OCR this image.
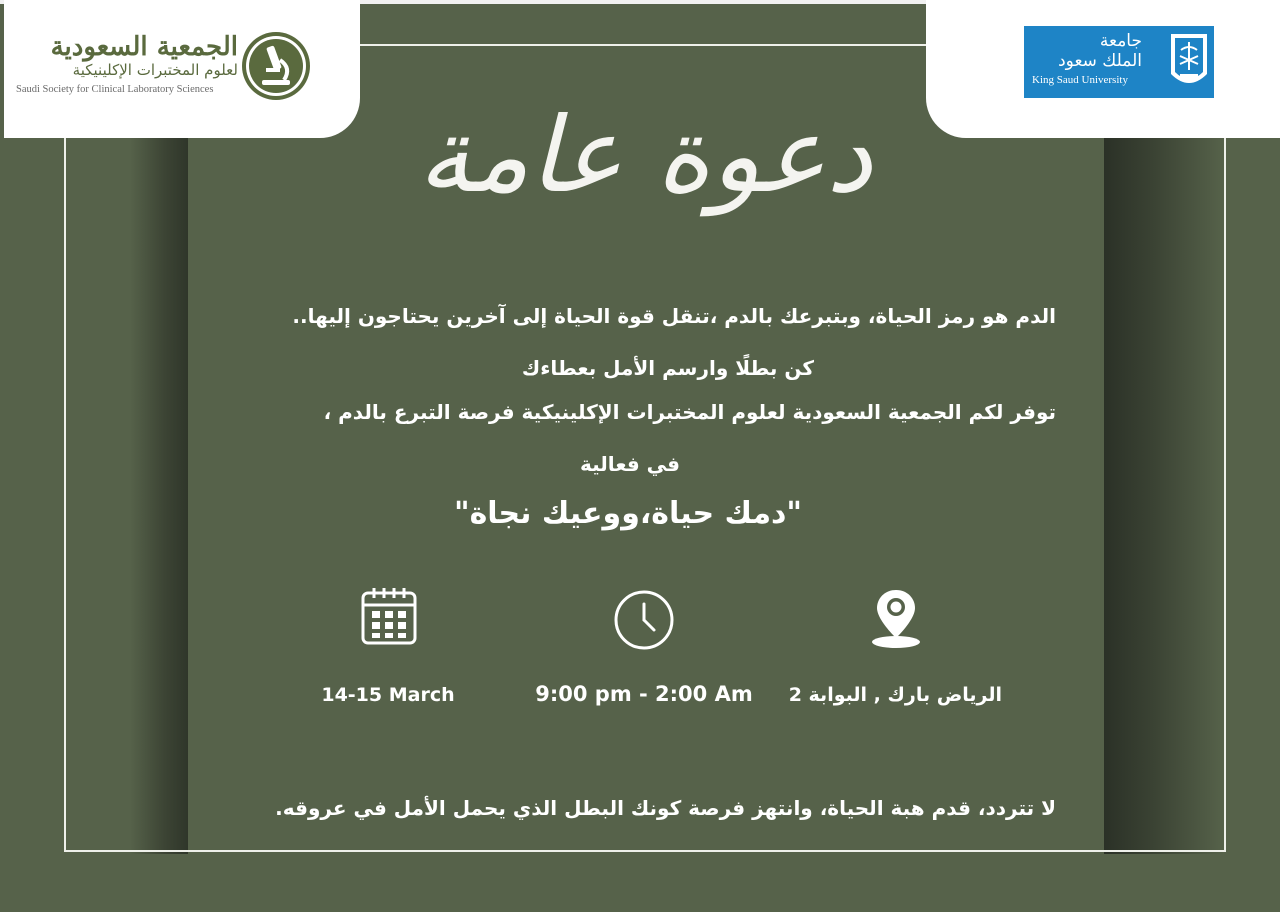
الجمعية السعودية
لعلوم المختبرات الإكلينيكية
Saudi Society for Clinical Laboratory Sciences
جامعة
الملك سعود
King Saud University
دعوة عامة
الدم هو رمز الحياة، وبتبرعك بالدم ،تنقل قوة الحياة إلى آخرين يحتاجون إليها..
كن بطلًا وارسم الأمل بعطاءك
توفر لكم الجمعية السعودية لعلوم المختبرات الإكلينيكية فرصة التبرع بالدم ،
في فعالية
"دمك حياة،ووعيك نجاة"
14-15 March	9:00 pm - 2:00 Am	الرياض بارك , البوابة 2
لا تتردد، قدم هبة الحياة، وانتهز فرصة كونك البطل الذي يحمل الأمل في عروقه.
